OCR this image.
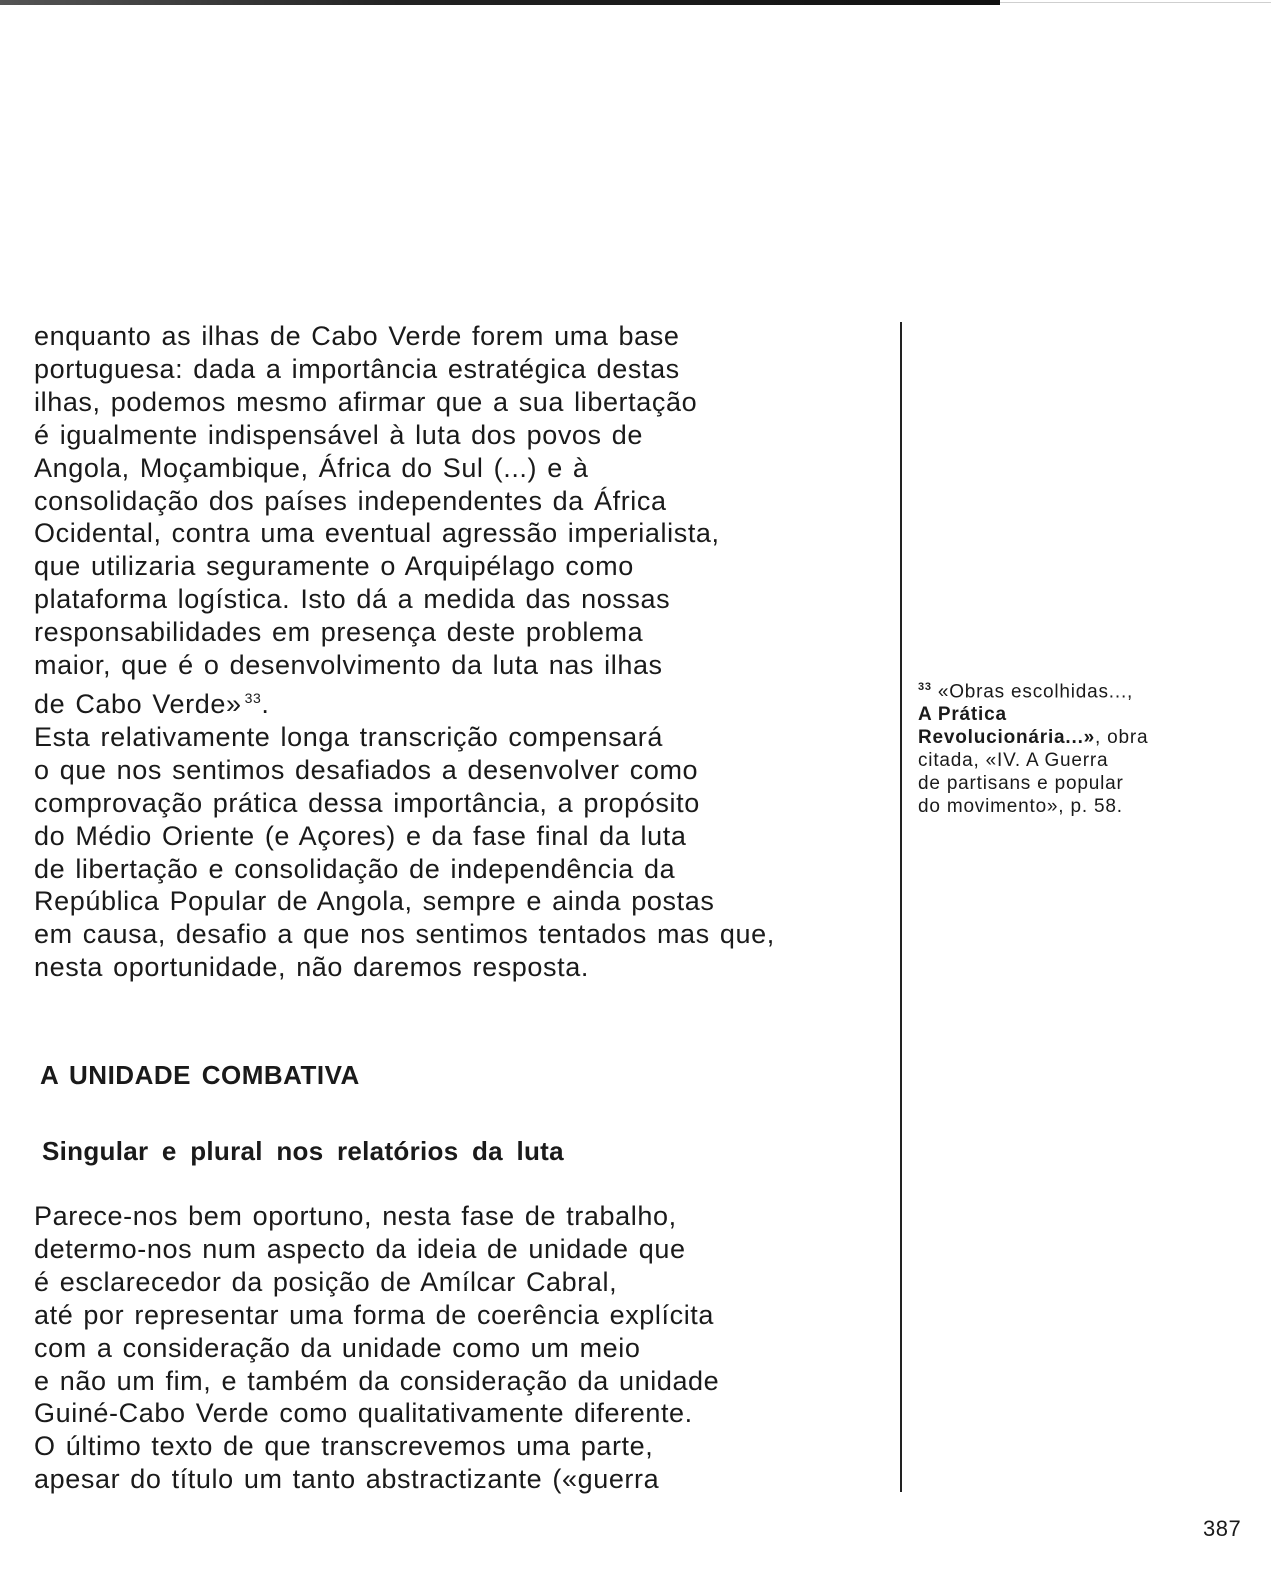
enquanto as ilhas de Cabo Verde forem uma base
portuguesa: dada a importância estratégica destas
ilhas, podemos mesmo afirmar que a sua libertação
é igualmente indispensável à luta dos povos de
Angola, Moçambique, África do Sul (...) e à
consolidação dos países independentes da África
Ocidental, contra uma eventual agressão imperialista,
que utilizaria seguramente o Arquipélago como
plataforma logística. Isto dá a medida das nossas
responsabilidades em presença deste problema
maior, que é o desenvolvimento da luta nas ilhas
de Cabo Verde» $^{33}$.
Esta relativamente longa transcrição compensará
o que nos sentimos desafiados a desenvolver como
comprovação prática dessa importância, a propósito
do Médio Oriente (e Açores) e da fase final da luta
de libertação e consolidação de independência da
República Popular de Angola, sempre e ainda postas
em causa, desafio a que nos sentimos tentados mas que,
nesta oportunidade, não daremos resposta.
A UNIDADE COMBATIVA
Singular e plural nos relatórios da luta
Parece-nos bem oportuno, nesta fase de trabalho,
determo-nos num aspecto da ideia de unidade que
é esclarecedor da posição de Amílcar Cabral,
até por representar uma forma de coerência explícita
com a consideração da unidade como um meio
e não um fim, e também da consideração da unidade
Guiné-Cabo Verde como qualitativamente diferente.
O último texto de que transcrevemos uma parte,
apesar do título um tanto abstractizante («guerra
$^{33}$ «Obras escolhidas...,
A Prática
Revolucionária...», obra
citada, «IV. A Guerra
de partisans e popular
do movimento», p. 58.
387
